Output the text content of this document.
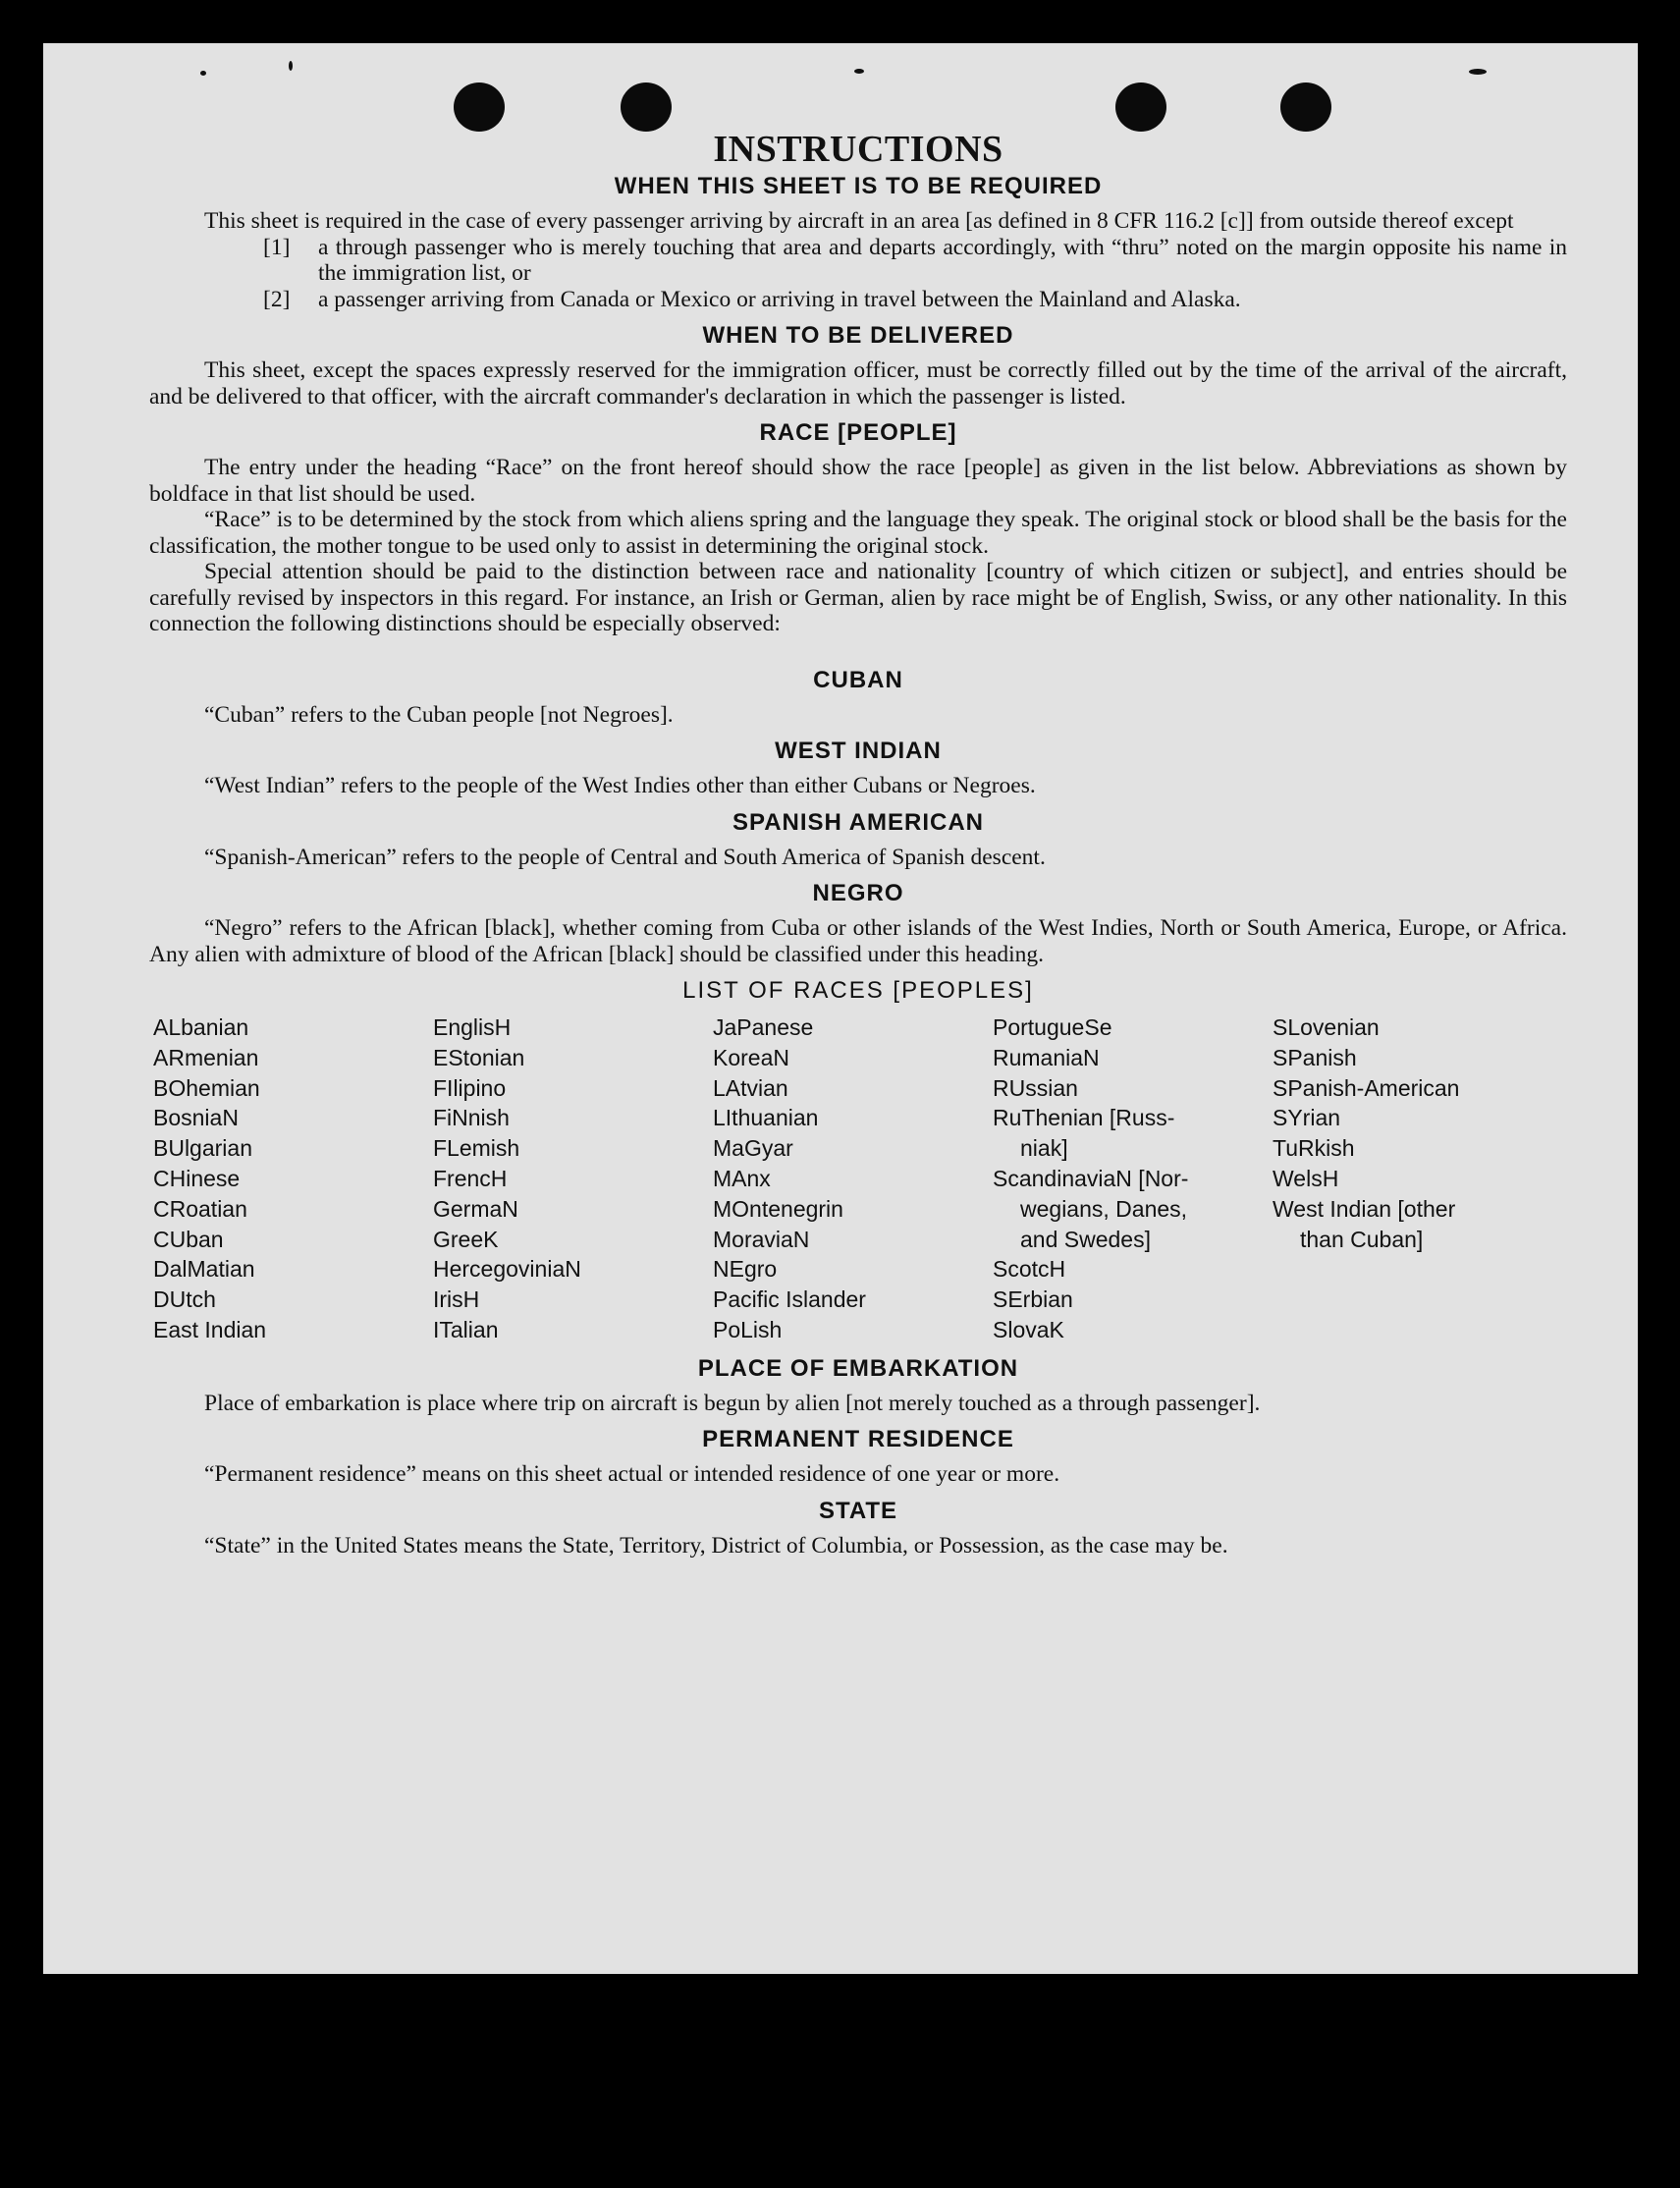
INSTRUCTIONS
WHEN THIS SHEET IS TO BE REQUIRED

This sheet is required in the case of every passenger arriving by aircraft in an area [as defined in 8 CFR 116.2 [c]] from outside thereof except

[1]	a through passenger who is merely touching that area and departs accordingly, with “thru” noted on the margin opposite his name in the immigration list, or
[2]	a passenger arriving from Canada or Mexico or arriving in travel between the Mainland and Alaska.
WHEN TO BE DELIVERED

This sheet, except the spaces expressly reserved for the immigration officer, must be correctly filled out by the time of the arrival of the aircraft, and be delivered to that officer, with the aircraft commander's declaration in which the passenger is listed.

RACE [PEOPLE]

The entry under the heading “Race” on the front hereof should show the race [people] as given in the list below. Abbreviations as shown by boldface in that list should be used.

“Race” is to be determined by the stock from which aliens spring and the language they speak. The original stock or blood shall be the basis for the classification, the mother tongue to be used only to assist in determining the original stock.

Special attention should be paid to the distinction between race and nationality [country of which citizen or subject], and entries should be carefully revised by inspectors in this regard. For instance, an Irish or German, alien by race might be of English, Swiss, or any other nationality. In this connection the following distinctions should be especially observed:

CUBAN

“Cuban” refers to the Cuban people [not Negroes].

WEST INDIAN

“West Indian” refers to the people of the West Indies other than either Cubans or Negroes.

SPANISH AMERICAN

“Spanish-American” refers to the people of Central and South America of Spanish descent.

NEGRO

“Negro” refers to the African [black], whether coming from Cuba or other islands of the West Indies, North or South America, Europe, or Africa. Any alien with admixture of blood of the African [black] should be classified under this heading.

LIST OF RACES [PEOPLES]
ALbanian
ARmenian
BOhemian
BosniaN
BUlgarian
CHinese
CRoatian
CUban
DalMatian
DUtch
East Indian
EnglisH
EStonian
FIlipino
FiNnish
FLemish
FrencH
GermaN
GreeK
HercegoviniaN
IrisH
ITalian
JaPanese
KoreaN
LAtvian
LIthuanian
MaGyar
MAnx
MOntenegrin
MoraviaN
NEgro
Pacific Islander
PoLish
PortugueSe
RumaniaN
RUssian
RuThenian [Russ-
niak]
ScandinaviaN [Nor-
wegians, Danes,
and Swedes]
ScotcH
SErbian
SlovaK
SLovenian
SPanish
SPanish-American
SYrian
TuRkish
WelsH
West Indian [other
than Cuban]
PLACE OF EMBARKATION

Place of embarkation is place where trip on aircraft is begun by alien [not merely touched as a through passenger].

PERMANENT RESIDENCE

“Permanent residence” means on this sheet actual or intended residence of one year or more.

STATE

“State” in the United States means the State, Territory, District of Columbia, or Possession, as the case may be.
